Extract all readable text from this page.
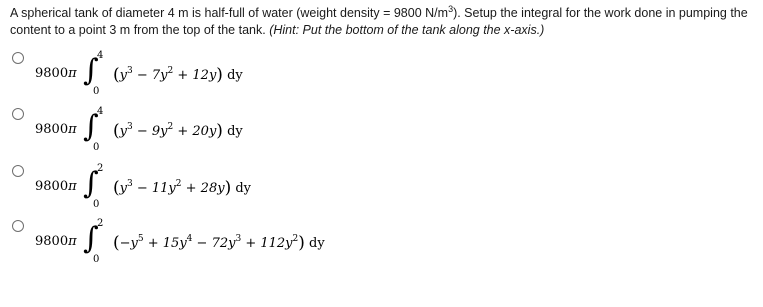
A spherical tank of diameter 4 m is half-full of water (weight density = 9800 $N/m^3$). Setup the integral for the work done in pumping the content to a point 3 m from the top of the tank. (Hint: Put the bottom of the tank along the x-axis.)
9800π ∫
4
0
$(y^3 - 7y^2 + 12y)$ dy
9800π ∫
4
0
$(y^3 - 9y^2 + 20y)$ dy
9800π ∫
2
0
$(y^3 - 11y^2 + 28y)$ dy
9800π ∫
2
0
$(-y^5 + 15y^4 - 72y^3 + 112y^2)$ dy
